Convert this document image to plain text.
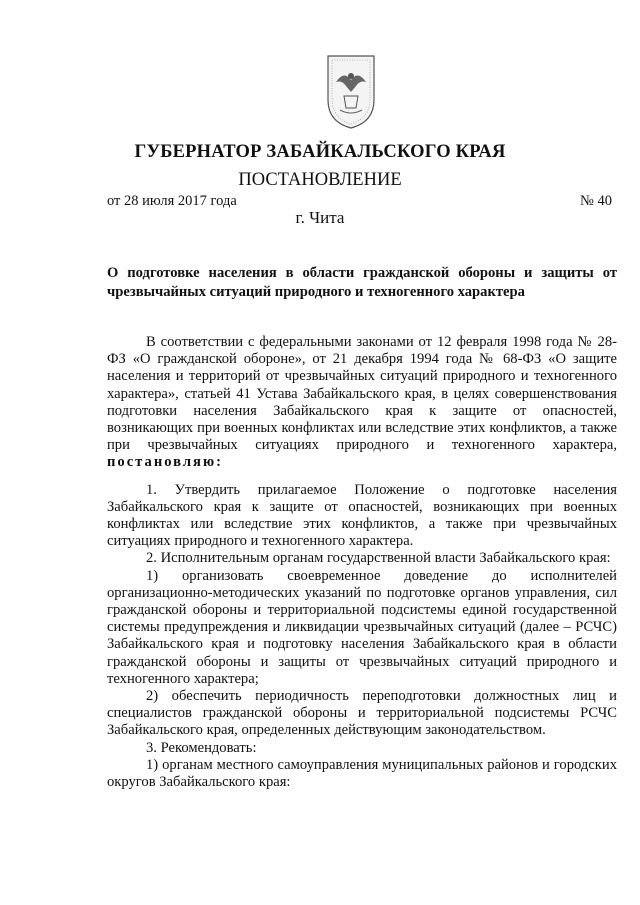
ГУБЕРНАТОР ЗАБАЙКАЛЬСКОГО КРАЯ
ПОСТАНОВЛЕНИЕ
от 28 июля 2017 года	№ 40
г. Чита
О подготовке населения в области гражданской обороны и защиты от чрезвычайных ситуаций природного и техногенного характера

В соответствии с федеральными законами от 12 февраля 1998 года № 28-ФЗ «О гражданской обороне», от 21 декабря 1994 года № 68-ФЗ «О защите населения и территорий от чрезвычайных ситуаций природного и техногенного характера», статьей 41 Устава Забайкальского края, в целях совершенствования подготовки населения Забайкальского края к защите от опасностей, возникающих при военных конфликтах или вследствие этих конфликтов, а также при чрезвычайных ситуациях природного и техногенного характера, постановляю:

1. Утвердить прилагаемое Положение о подготовке населения Забайкальского края к защите от опасностей, возникающих при военных конфликтах или вследствие этих конфликтов, а также при чрезвычайных ситуациях природного и техногенного характера.

2. Исполнительным органам государственной власти Забайкальского края:

1) организовать своевременное доведение до исполнителей организационно-методических указаний по подготовке органов управления, сил гражданской обороны и территориальной подсистемы единой государственной системы предупреждения и ликвидации чрезвычайных ситуаций (далее – РСЧС) Забайкальского края и подготовку населения Забайкальского края в области гражданской обороны и защиты от чрезвычайных ситуаций природного и техногенного характера;

2) обеспечить периодичность переподготовки должностных лиц и специалистов гражданской обороны и территориальной подсистемы РСЧС Забайкальского края, определенных действующим законодательством.

3. Рекомендовать:

1) органам местного самоуправления муниципальных районов и городских округов Забайкальского края:
